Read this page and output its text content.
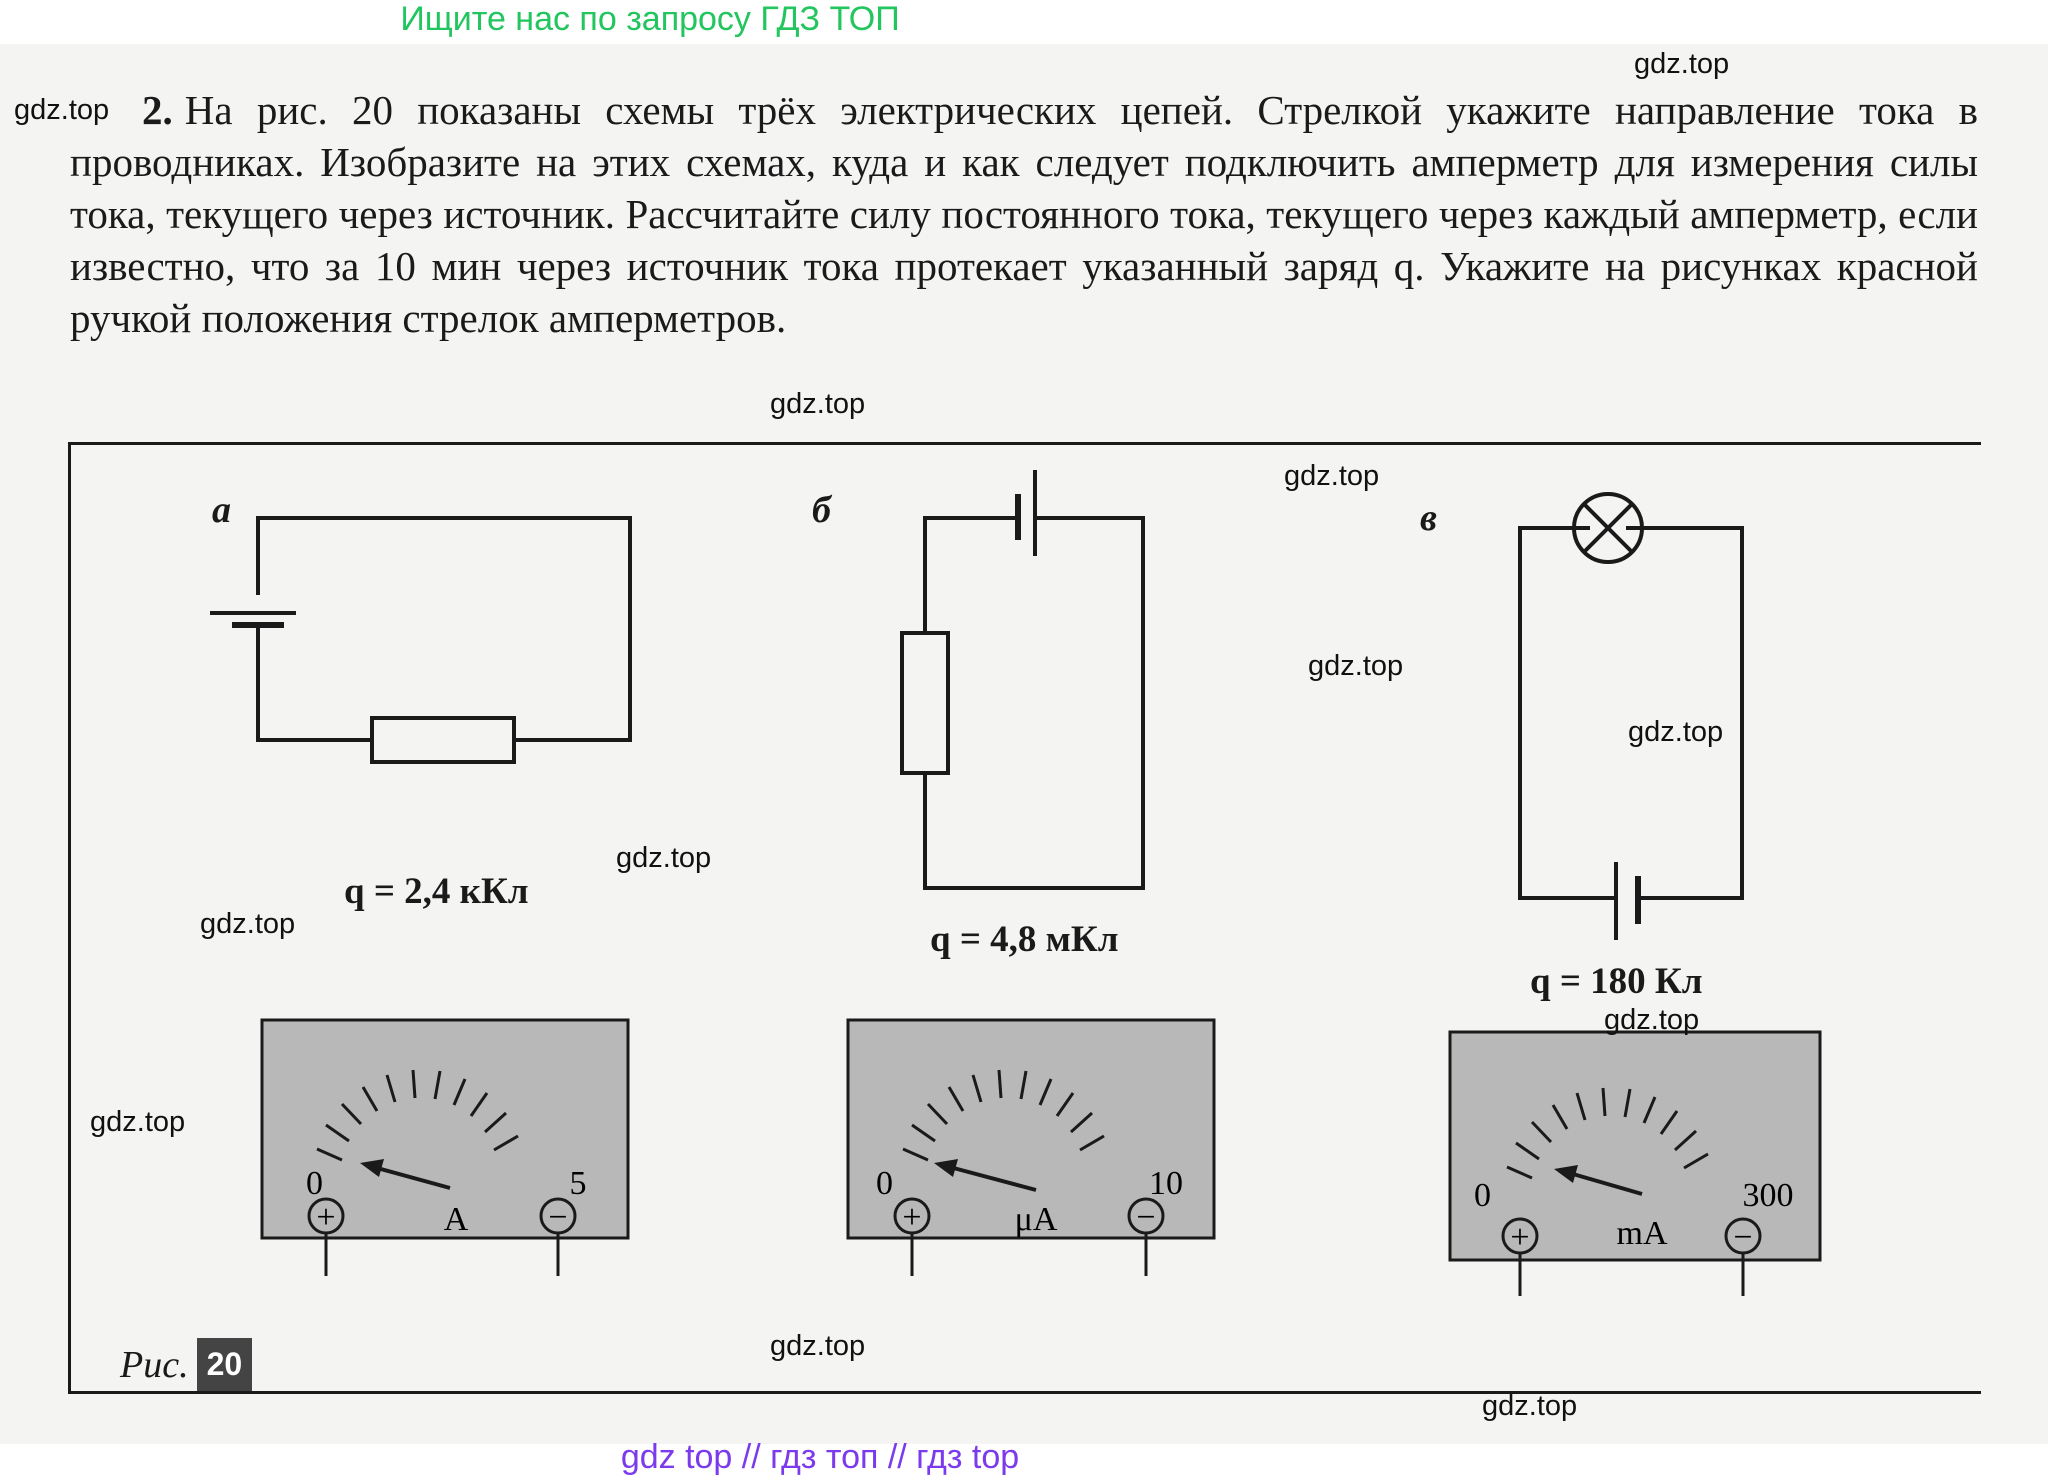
Ищите нас по запросу ГДЗ ТОП
2. На рис. 20 показаны схемы трёх электрических цепей. Стрелкой укажите направление тока в проводниках. Изобразите на этих схемах, куда и как следует подключить амперметр для измерения силы тока, текущего через источник. Рассчитайте силу постоянного тока, текущего через каждый амперметр, если известно, что за 10 мин через источник тока протекает указанный заряд q. Укажите на рисунках красной ручкой положения стрелок амперметров.
а	б	в
q = 2,4 кКл
q = 4,8 мКл
q = 180 Кл
0	5
A
+	−
0	10
μA
+	−
0	300
mA
+	−
Рис. 20
gdz.top
gdz.top
gdz.top
gdz.top
gdz.top
gdz.top
gdz.top
gdz.top
gdz.top
gdz.top
gdz.top
gdz.top
gdz top // гдз топ // гдз top
